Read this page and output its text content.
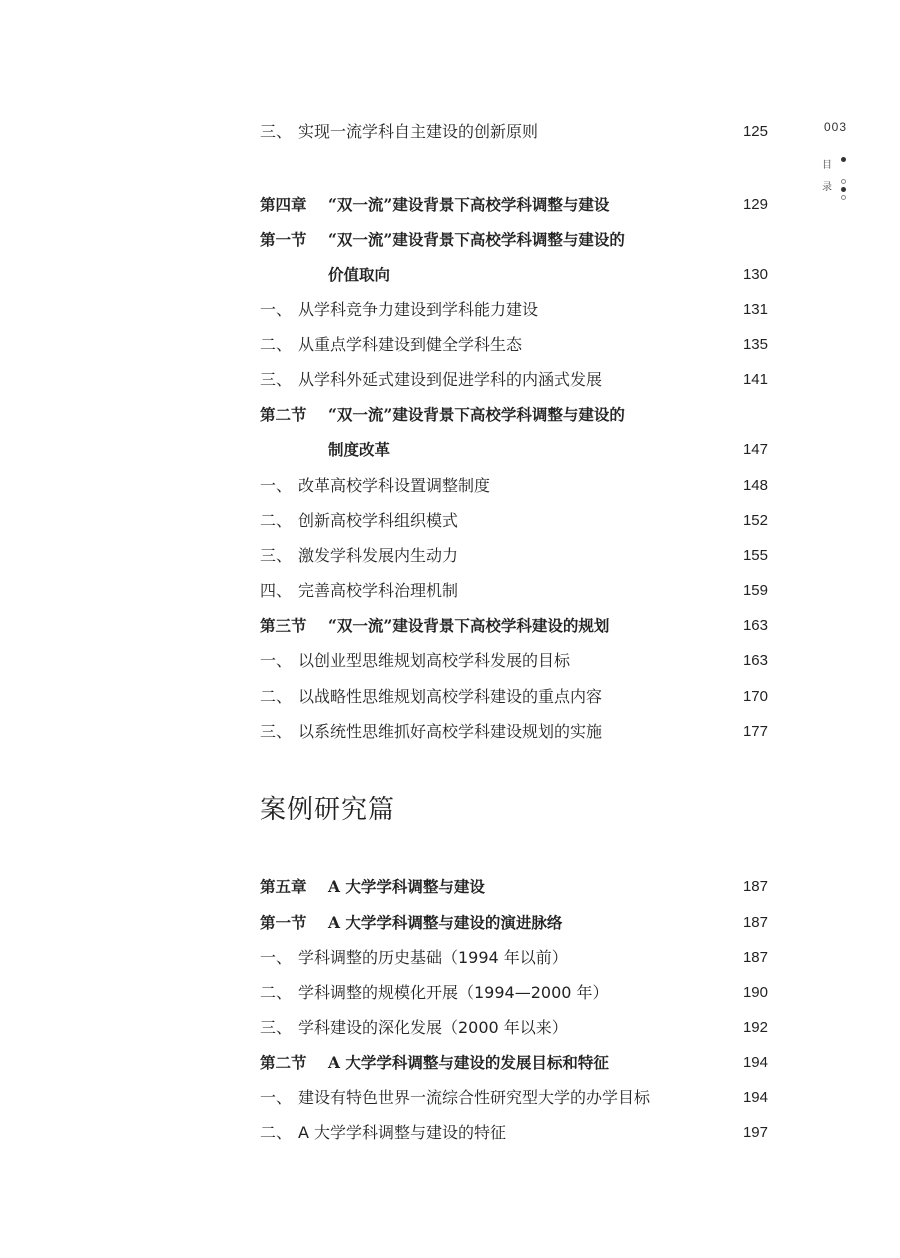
三、 实现一流学科自主建设的创新原则	125
第四章 “双一流”建设背景下高校学科调整与建设	129
第一节 “双一流”建设背景下高校学科调整与建设的
价值取向	130
一、 从学科竞争力建设到学科能力建设	131
二、 从重点学科建设到健全学科生态	135
三、 从学科外延式建设到促进学科的内涵式发展	141
第二节 “双一流”建设背景下高校学科调整与建设的
制度改革	147
一、 改革高校学科设置调整制度	148
二、 创新高校学科组织模式	152
三、 激发学科发展内生动力	155
四、 完善高校学科治理机制	159
第三节 “双一流”建设背景下高校学科建设的规划	163
一、 以创业型思维规划高校学科发展的目标	163
二、 以战略性思维规划高校学科建设的重点内容	170
三、 以系统性思维抓好高校学科建设规划的实施	177
案例研究篇
第五章 A 大学学科调整与建设	187
第一节 A 大学学科调整与建设的演进脉络	187
一、 学科调整的历史基础（1994 年以前）	187
二、 学科调整的规模化开展（1994—2000 年）	190
三、 学科建设的深化发展（2000 年以来）	192
第二节 A 大学学科调整与建设的发展目标和特征	194
一、 建设有特色世界一流综合性研究型大学的办学目标	194
二、 A 大学学科调整与建设的特征	197
003
目
录
